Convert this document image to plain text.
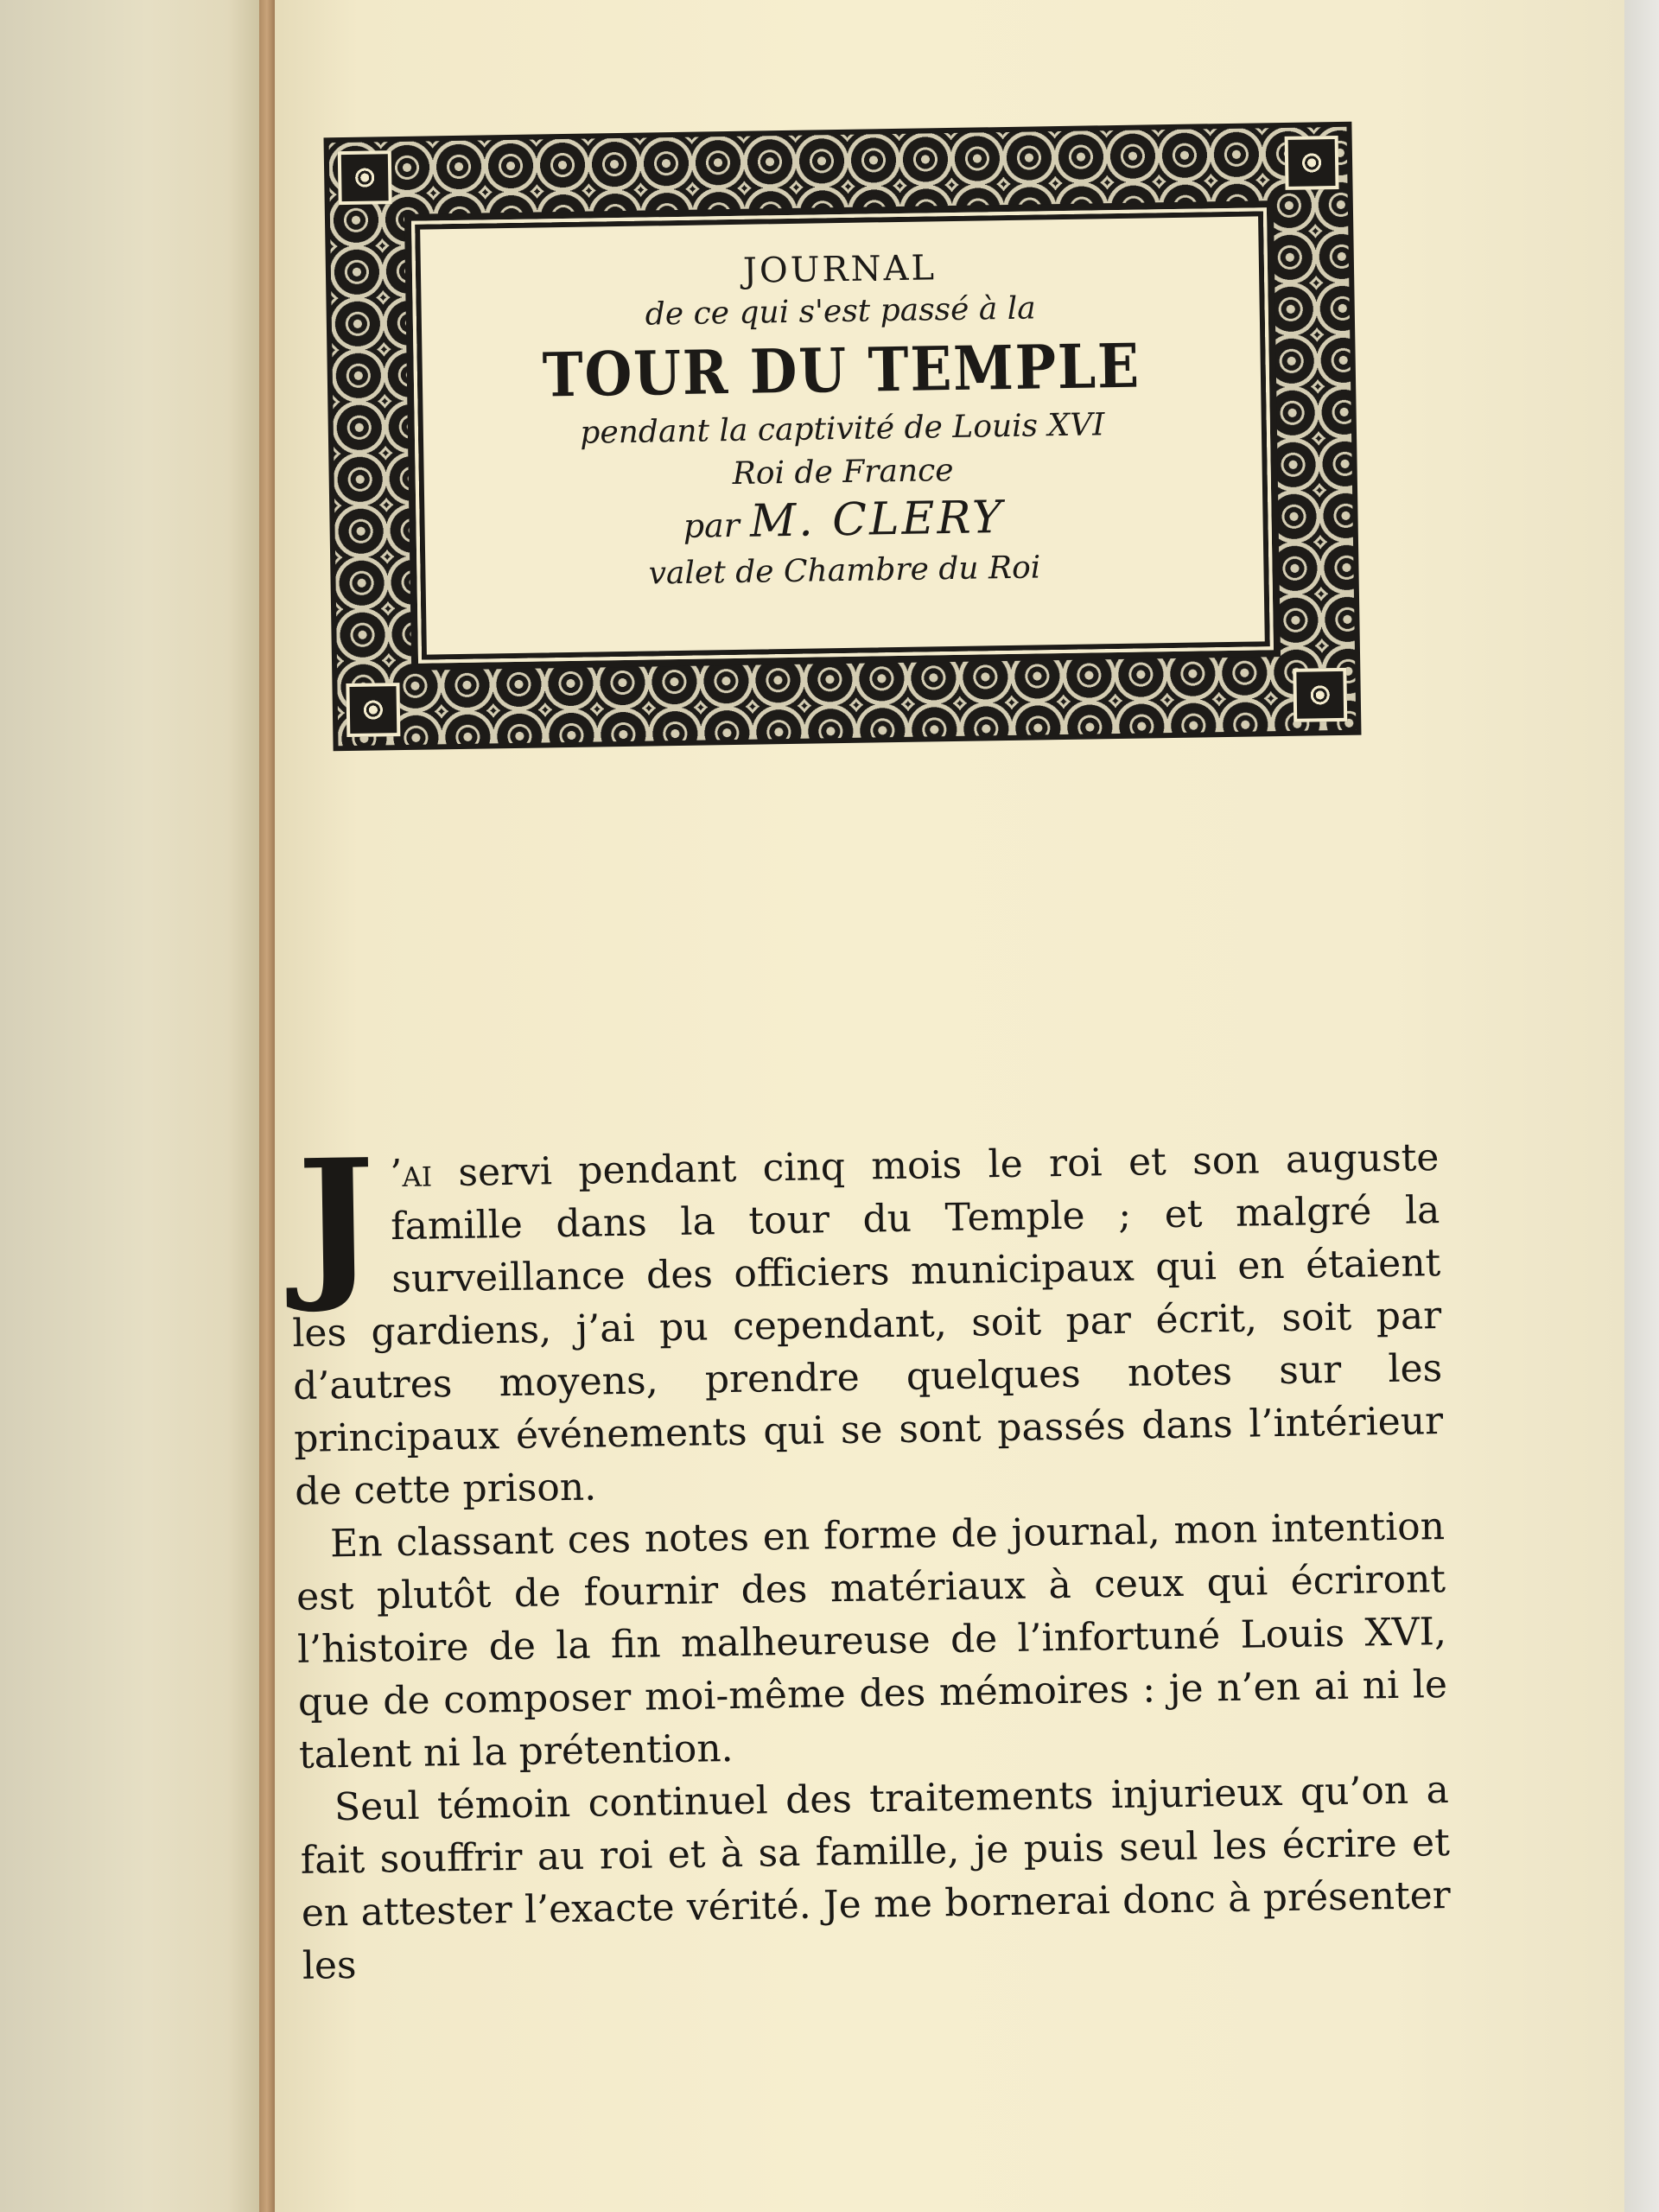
JOURNAL
de ce qui s'est passé à la
TOUR DU TEMPLE
pendant la captivité de Louis XVI
Roi de France
par M. CLERY
valet de Chambre du Roi

J ’ai servi pendant cinq mois le roi et son auguste famille dans la tour du Temple ; et malgré la surveillance des officiers municipaux qui en étaient les gardiens, j’ai pu cependant, soit par écrit, soit par d’autres moyens, prendre quelques notes sur les principaux événements qui se sont passés dans l’intérieur de cette prison.

En classant ces notes en forme de journal, mon intention est plutôt de fournir des matériaux à ceux qui écriront l’histoire de la fin malheureuse de l’infortuné Louis XVI, que de composer moi-même des mémoires : je n’en ai ni le talent ni la prétention.

Seul témoin continuel des traitements injurieux qu’on a fait souffrir au roi et à sa famille, je puis seul les écrire et en attester l’exacte vérité. Je me bornerai donc à présenter les
